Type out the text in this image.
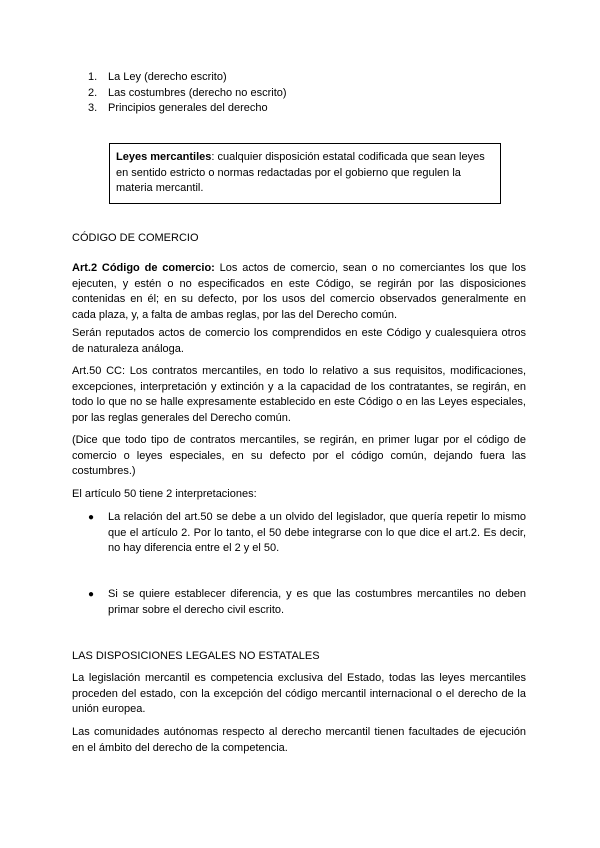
1. La Ley (derecho escrito)
2. Las costumbres (derecho no escrito)
3. Principios generales del derecho
Leyes mercantiles: cualquier disposición estatal codificada que sean leyes en sentido estricto o normas redactadas por el gobierno que regulen la materia mercantil.

CÓDIGO DE COMERCIO

Art.2 Código de comercio: Los actos de comercio, sean o no comerciantes los que los ejecuten, y estén o no especificados en este Código, se regirán por las disposiciones contenidas en él; en su defecto, por los usos del comercio observados generalmente en cada plaza, y, a falta de ambas reglas, por las del Derecho común.

Serán reputados actos de comercio los comprendidos en este Código y cualesquiera otros de naturaleza análoga.

Art.50 CC: Los contratos mercantiles, en todo lo relativo a sus requisitos, modificaciones, excepciones, interpretación y extinción y a la capacidad de los contratantes, se regirán, en todo lo que no se halle expresamente establecido en este Código o en las Leyes especiales, por las reglas generales del Derecho común.

(Dice que todo tipo de contratos mercantiles, se regirán, en primer lugar por el código de comercio o leyes especiales, en su defecto por el código común, dejando fuera las costumbres.)

El artículo 50 tiene 2 interpretaciones:

●	La relación del art.50 se debe a un olvido del legislador, que quería repetir lo mismo que el artículo 2. Por lo tanto, el 50 debe integrarse con lo que dice el art.2. Es decir, no hay diferencia entre el 2 y el 50.
●	Si se quiere establecer diferencia, y es que las costumbres mercantiles no deben primar sobre el derecho civil escrito.

LAS DISPOSICIONES LEGALES NO ESTATALES

La legislación mercantil es competencia exclusiva del Estado, todas las leyes mercantiles proceden del estado, con la excepción del código mercantil internacional o el derecho de la unión europea.

Las comunidades autónomas respecto al derecho mercantil tienen facultades de ejecución en el ámbito del derecho de la competencia.
